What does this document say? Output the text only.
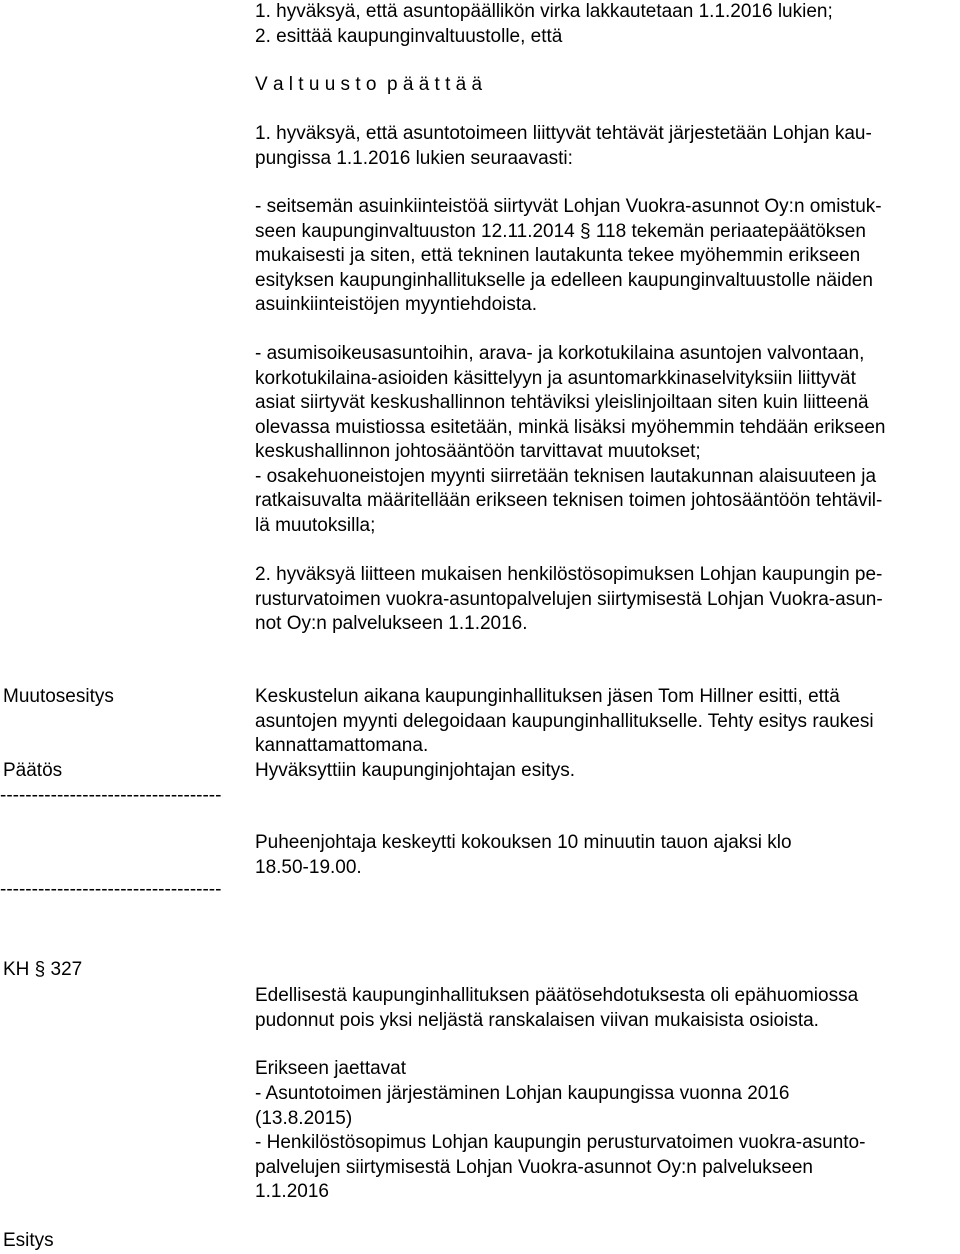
1. hyväksyä, että asuntopäällikön virka lakkautetaan 1.1.2016 lukien;
2. esittää kaupunginvaltuustolle, että
V a l t u u s t o  p ä ä t t ä ä
1. hyväksyä, että asuntotoimeen liittyvät tehtävät järjestetään Lohjan kau-
pungissa 1.1.2016 lukien seuraavasti:
- seitsemän asuinkiinteistöä siirtyvät Lohjan Vuokra-asunnot Oy:n omistuk-
seen kaupunginvaltuuston 12.11.2014 § 118 tekemän periaatepäätöksen
mukaisesti ja siten, että tekninen lautakunta tekee myöhemmin erikseen
esityksen kaupunginhallitukselle ja edelleen kaupunginvaltuustolle näiden
asuinkiinteistöjen myyntiehdoista.
- asumisoikeusasuntoihin, arava- ja korkotukilaina asuntojen valvontaan,
korkotukilaina-asioiden käsittelyyn ja asuntomarkkinaselvityksiin liittyvät
asiat siirtyvät keskushallinnon tehtäviksi yleislinjoiltaan siten kuin liitteenä
olevassa muistiossa esitetään, minkä lisäksi myöhemmin tehdään erikseen
keskushallinnon johtosääntöön tarvittavat muutokset;
- osakehuoneistojen myynti siirretään teknisen lautakunnan alaisuuteen ja
ratkaisuvalta määritellään erikseen teknisen toimen johtosääntöön tehtävil-
lä muutoksilla;
2. hyväksyä liitteen mukaisen henkilöstösopimuksen Lohjan kaupungin pe-
rusturvatoimen vuokra-asuntopalvelujen siirtymisestä Lohjan Vuokra-asun-
not Oy:n palvelukseen 1.1.2016.
Muutosesitys	Keskustelun aikana kaupunginhallituksen jäsen Tom Hillner esitti, että
asuntojen myynti delegoidaan kaupunginhallitukselle. Tehty esitys raukesi
kannattamattomana.
Päätös	Hyväksyttiin kaupunginjohtajan esitys.
-----------------------------------
Puheenjohtaja keskeytti kokouksen 10 minuutin tauon ajaksi klo
18.50-19.00.
-----------------------------------
KH § 327
Edellisestä kaupunginhallituksen päätösehdotuksesta oli epähuomiossa
pudonnut pois yksi neljästä ranskalaisen viivan mukaisista osioista.
Erikseen jaettavat
- Asuntotoimen järjestäminen Lohjan kaupungissa vuonna 2016
(13.8.2015)
- Henkilöstösopimus Lohjan kaupungin perusturvatoimen vuokra-asunto-
palvelujen siirtymisestä Lohjan Vuokra-asunnot Oy:n palvelukseen
1.1.2016
Esitys
